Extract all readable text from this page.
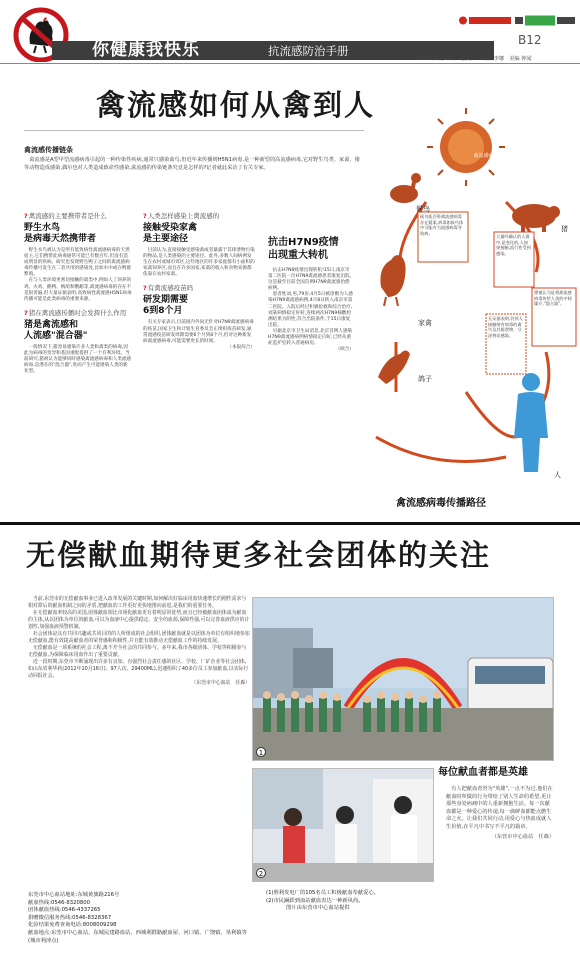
你健康我快乐	抗流感防治手册
B12
2013年4月24日　星期三　编辑 李娜　美编 钟闻
禽流感如何从禽到人
禽流感传播链条

禽流感是A型甲型流感病毒引起的一种传染性疾病,通常只感染禽鸟,但近年来传播到H5N1病毒,是一种新型的高流感病毒,它对野生鸟类、家禽、猪等动物造成感染,偶尔也对人类造成致命性感染,禽流感的传染链条究竟是怎样的?记者就此采访了有关专家。

?禽流感的主要携带者是什么
野生水鸟
是病毒天然携带者

野生水鸟被认为是所有低致病性禽流感病毒的天然宿主,它们携带此病毒通常可能已有数百年,但没有造成明显的疾病。研究也发现野生鸭子之间的禽流感病毒传播可发生在二者共用的感染处,比如水中或在鸭群繁殖。

在与人类环境更密切接触的禽类中,例如人工饲养的鸡、火鸡、鹅鸭、鹧鸪和鹦鹉等,禽流感病毒的存在不是很普遍,但大量证据表明,高致病性禽流感H5N1病毒传播可能是此类病毒的重要来源。

?猪在禽流感传播时会发挥什么作用
猪是禽流感和
人流感"混合器"

一般情况下,猪容易感染许多人类和禽类的病毒,因此为病毒的变异和基因重配提供了一个有利环境。当前研究,猪被认为能够同时感染禽流感病毒和人类流感病毒,是潜在的"混合器",进而产生可能感染人类的新亚型。

?人类怎样感染上禽流感的
接触受染家禽
是主要途径

目前认为,直接接触受感染禽或者暴露于其排泄物污染的物品,是人类感染的主要途径。此外,多数人间病例发生在农村或城市郊区,这些地区的许多家庭都有小面积的家禽饲养区,而且在许多国家,家禽的收入和食物来源都依靠在农村家禽。

?有禽流感疫苗吗
研发期需要
6到8个月

有关专家表示,目前国内外尚无针对H7N9禽流感病毒的疫苗,国家卫生和计划生育委员会正组织疫苗研发,通常流感疫苗研发周期需要6个月到8个月,但对这种新发病禽流感病毒,可能需要更长的时间。

（本报综合）

抗击H7N9疫情
出现重大转机

抗击H7N9疫情出现转机!15日,南京市第二医院一位H7N9禽流感患者康复出院,这是截至目前全国首例H7N9禽流感治愈病例。

患者姓刘,男,79岁,4月5日被诊断为人感染H7N9禽流感病例,4月8日转入南京市第二医院。入院后经过积极抢救和综合治疗,刘某病情稳定好转,连续两次H7N9核酸检测结果为阴性,符合出院条件,于15日康复出院。

另据北京市卫生局消息,北京首例人感染H7N9禽流感病例病情稳定向好,已经从重症监护室转入普通病房。

（欧合）

禽流感病毒
候鸟
猪
家禽
鸽子
人
候鸟能否带禽流感病毒存在疑案,病毒如候鸟体中可能有为流感病毒导致病。
大量经确认的人群中,是变化的,人如果接触,流行性受到感染。
猪被认为是将禽流感病毒传给人类的中间媒介,"混合器"。
无证据表明,仍须人接触带有病毒的禽鸟及其排泄物、分泌物而感染。
禽流感病毒传播路径
无偿献血期待更多社会团体的关注

当前,东莞市的无偿献血事业已进入改革发展的关键时期,如何解决好临床用血快速增长的刚性需求与相对滞后的献血机制之间的矛盾,把献血的工作更好更快地推向前进,是我们的重要任务。

在无偿献血率较高的美国,团体献血相比市场化献血更有着明显的优势,而且已经被献血团体成为献血的主体,从以团体为单位的献血,可以为血液中心提供稳定、安全的血源,保障性强,可以完善血液供应的计划性,加强血液预警机制。

社会团体是具有共同兴趣或共同目的的人所组成的社会组织,团体献血就是以团体为单位有组织地参加无偿献血,能有效提高献血者的荣誉感和积极性,并且能有效推动无偿献血工作的持续发展。

无偿献血是一项系统的社会工程,离不开全社会的共同参与。多年来,我市各级团体、学校等积极参与无偿献血,为保障临床用血作出了重要贡献。

近一段时期,东莞市不断涌现出许多有良知、有强烈社会责任感的社区、学校、厂矿企业等社会团体,如山东省利华药(2012年10月16日)、97人次、29400ML),迅速组织了40多位员工参加献血,以实际行动回报社会。

（东莞市中心血站　任森）

东莞市中心血站地址:东城黄旗路216号
献血热线:0546-8320800
团体献血热线:0546-4337265
捐赠微信服务热线:0546-8328367
化验结果免费查询电话:8008009298
献血地点:东莞市中心血站、东城民建路血站、西城利群路献血屋、河口镇、广饶镇、垦利镇等(城市利津点)
1
2
(1)胜利发电厂的105名员工积极献血奉献爱心。
(2)市民踊跃到血站献血表达一种新风尚。
图片由东营市中心血站提供
每位献血者都是英雄

有人把献血者誉为"英雄",一点不为过,他们在献血时所做的行为带给了别人生命的希望,更让那些身处病痛中的人重新拥抱生活。每一次献血都是一种爱心的传递,每一滴鲜血都能点燃生命之火。让我们共同行动,用爱心与热血成就人生价值,在平凡中书写不平凡的篇章。

（东营市中心血站　任森）
